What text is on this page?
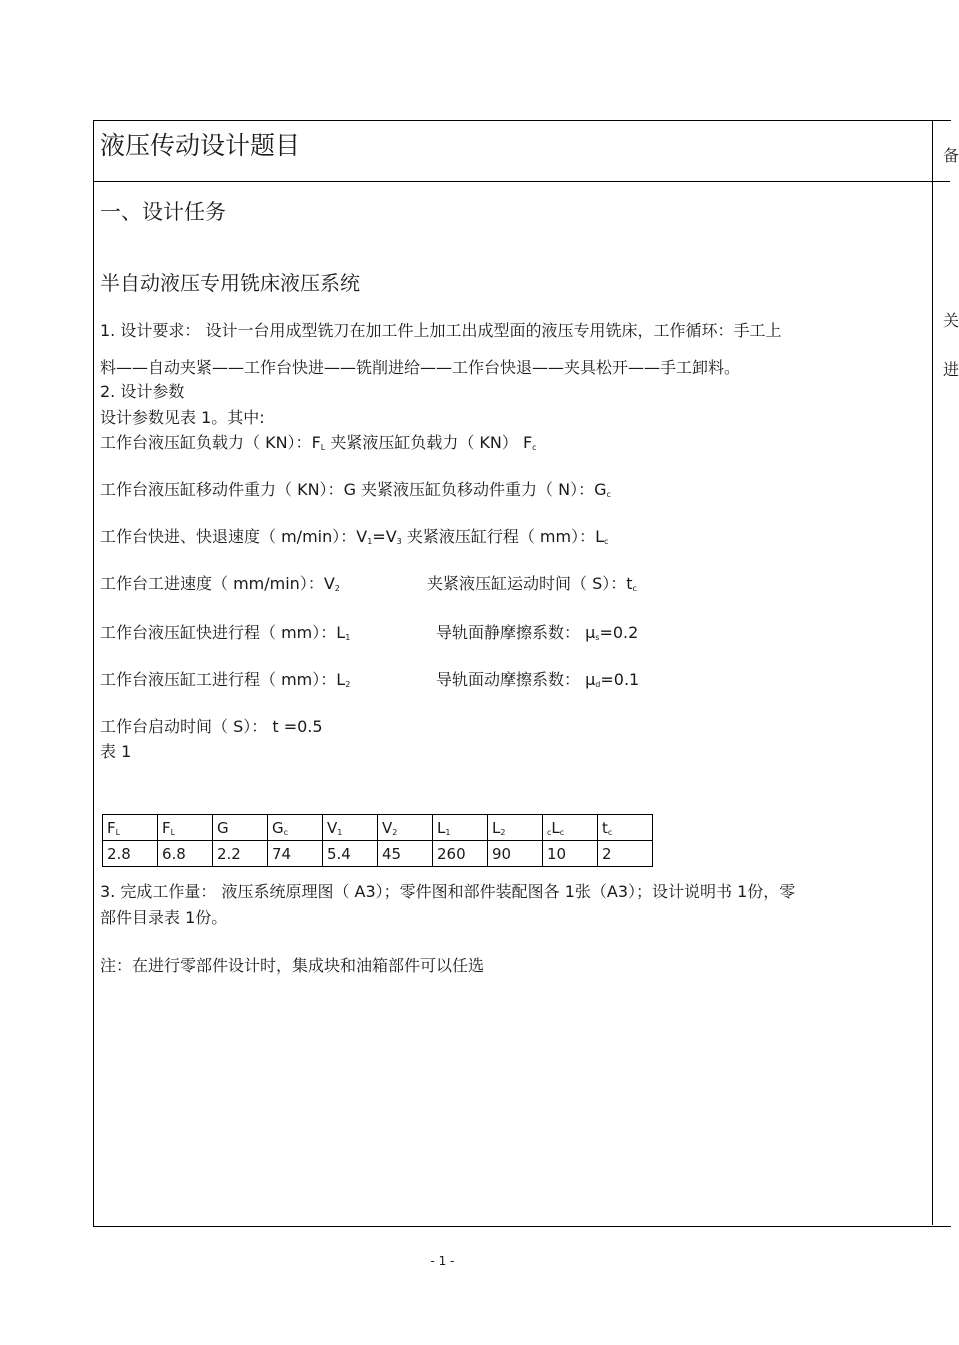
液压传动设计题目
一、设计任务
半自动液压专用铣床液压系统
1. 设计要求： 设计一台用成型铣刀在加工件上加工出成型面的液压专用铣床，工作循环：手工上
料——自动夹紧——工作台快进——铣削进给——工作台快退——夹具松开——手工卸料。
2. 设计参数
设计参数见表 1。其中:
工作台液压缸负载力（ KN）：$F_L$ 夹紧液压缸负载力（ KN） $F_c$
工作台液压缸移动件重力（ KN）：G 夹紧液压缸负移动件重力（ N）：$G_c$
工作台快进、快退速度（ m/min）：$V_1=V_3$ 夹紧液压缸行程（ mm）：$L_c$
工作台工进速度（ mm/min）：$V_2$	夹紧液压缸运动时间（ S）：$t_c$
工作台液压缸快进行程（ mm）：$L_1$	导轨面静摩擦系数： $\mu_s=0.2$
工作台液压缸工进行程（ mm）：$L_2$	导轨面动摩擦系数： $\mu_d=0.1$
工作台启动时间（ S）： t =0.5
表 1
$F_L$	$F_L$	G	$G_c$	$V_1$	$V_2$	$L_1$	$L_2$	$_cL_c$	$t_c$
2.8	6.8	2.2	74	5.4	45	260	90	10	2
3. 完成工作量： 液压系统原理图（ A3）；零件图和部件装配图各 1张（A3）；设计说明书 1份，零
部件目录表 1份。
注：在进行零部件设计时，集成块和油箱部件可以任选
备
关
进
- 1 -
